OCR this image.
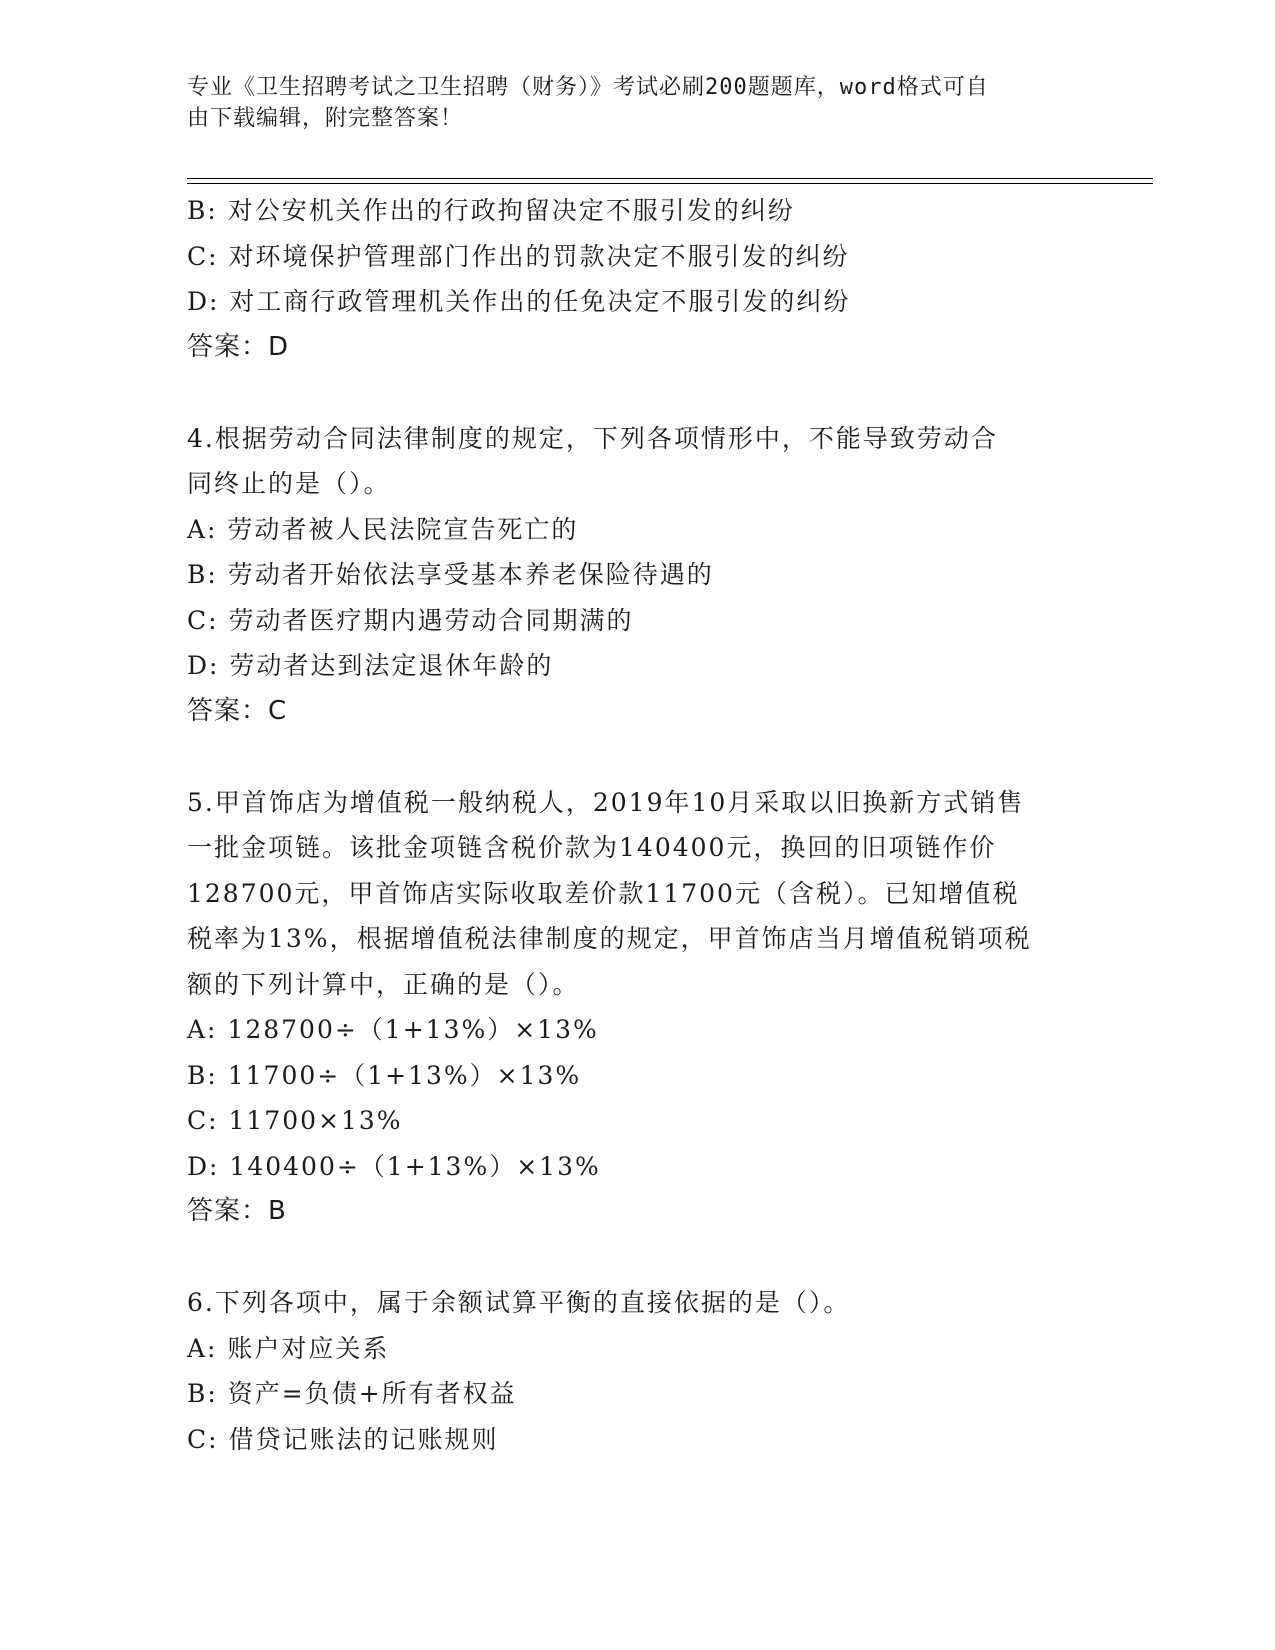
专业《卫生招聘考试之卫生招聘（财务）》考试必刷200题题库，word格式可自
由下载编辑，附完整答案！
B: 对公安机关作出的行政拘留决定不服引发的纠纷
C: 对环境保护管理部门作出的罚款决定不服引发的纠纷
D: 对工商行政管理机关作出的任免决定不服引发的纠纷
答案：D
4.根据劳动合同法律制度的规定，下列各项情形中，不能导致劳动合
同终止的是（）。
A: 劳动者被人民法院宣告死亡的
B: 劳动者开始依法享受基本养老保险待遇的
C: 劳动者医疗期内遇劳动合同期满的
D: 劳动者达到法定退休年龄的
答案：C
5.甲首饰店为增值税一般纳税人，2019年10月采取以旧换新方式销售
一批金项链。该批金项链含税价款为140400元，换回的旧项链作价
128700元，甲首饰店实际收取差价款11700元（含税）。已知增值税
税率为13%，根据增值税法律制度的规定，甲首饰店当月增值税销项税
额的下列计算中，正确的是（）。
A: 128700÷（1+13%）×13%
B: 11700÷（1+13%）×13%
C: 11700×13%
D: 140400÷（1+13%）×13%
答案：B
6.下列各项中，属于余额试算平衡的直接依据的是（）。
A: 账户对应关系
B: 资产=负债+所有者权益
C: 借贷记账法的记账规则
